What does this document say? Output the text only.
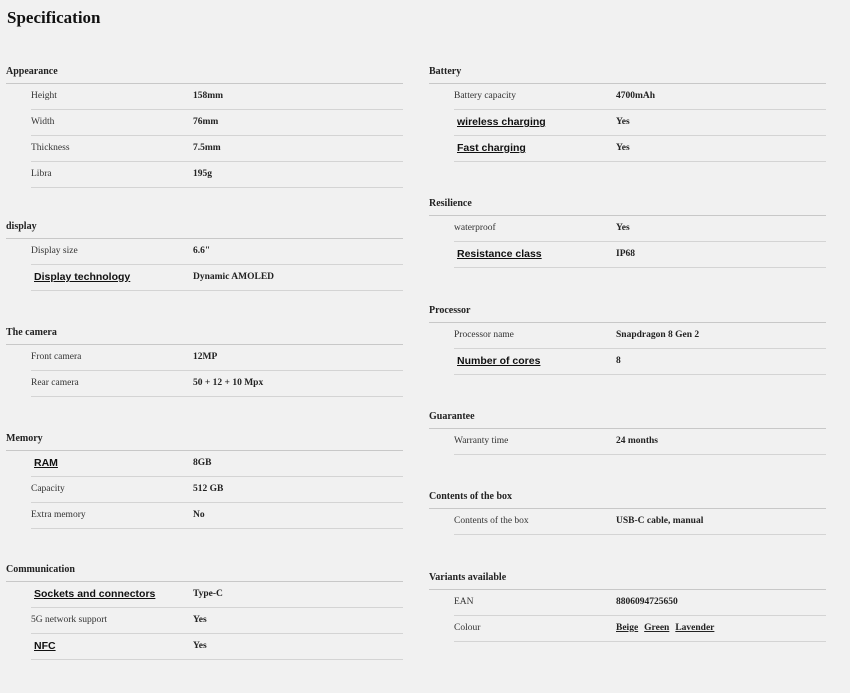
Specification
Appearance
Height	158mm
Width	76mm
Thickness	7.5mm
Libra	195g
display
Display size	6.6"
Display technology	Dynamic AMOLED
The camera
Front camera	12MP
Rear camera	50 + 12 + 10 Mpx
Memory
RAM	8GB
Capacity	512 GB
Extra memory	No
Communication
Sockets and connectors	Type-C
5G network support	Yes
NFC	Yes
Battery
Battery capacity	4700mAh
wireless charging	Yes
Fast charging	Yes
Resilience
waterproof	Yes
Resistance class	IP68
Processor
Processor name	Snapdragon 8 Gen 2
Number of cores	8
Guarantee
Warranty time	24 months
Contents of the box
Contents of the box	USB-C cable, manual
Variants available
EAN	8806094725650
Colour	Beige Green Lavender
